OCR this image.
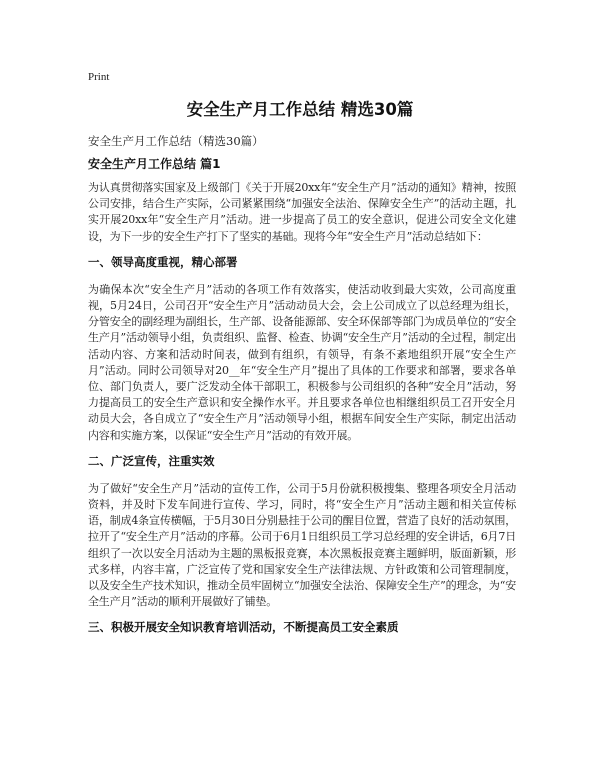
Print
安全生产月工作总结 精选30篇
安全生产月工作总结（精选30篇）
安全生产月工作总结 篇1

为认真贯彻落实国家及上级部门《关于开展20xx年“安全生产月”活动的通知》精神，按照公司安排，结合生产实际，公司紧紧围绕“加强安全法治、保障安全生产”的活动主题，扎实开展20xx年“安全生产月”活动。进一步提高了员工的安全意识，促进公司安全文化建设，为下一步的安全生产打下了坚实的基础。现将今年“安全生产月”活动总结如下：

一、领导高度重视，精心部署

为确保本次“安全生产月”活动的各项工作有效落实，使活动收到最大实效，公司高度重视，5月24日，公司召开“安全生产月”活动动员大会，会上公司成立了以总经理为组长，分管安全的副经理为副组长，生产部、设备能源部、安全环保部等部门为成员单位的“安全生产月”活动领导小组，负责组织、监督、检查、协调“安全生产月”活动的全过程，制定出活动内容、方案和活动时间表，做到有组织，有领导，有条不紊地组织开展“安全生产月”活动。同时公司领导对20__年“安全生产月”提出了具体的工作要求和部署，要求各单位、部门负责人，要广泛发动全体干部职工，积极参与公司组织的各种“安全月”活动，努力提高员工的安全生产意识和安全操作水平。并且要求各单位也相继组织员工召开安全月动员大会，各自成立了“安全生产月”活动领导小组，根据车间安全生产实际，制定出活动内容和实施方案，以保证“安全生产月”活动的有效开展。

二、广泛宣传，注重实效

为了做好“安全生产月”活动的宣传工作，公司于5月份就积极搜集、整理各项安全月活动资料，并及时下发车间进行宣传、学习，同时，将“安全生产月”活动主题和相关宣传标语，制成4条宣传横幅，于5月30日分别悬挂于公司的醒目位置，营造了良好的活动氛围，拉开了“安全生产月”活动的序幕。公司于6月1日组织员工学习总经理的安全讲话，6月7日组织了一次以安全月活动为主题的黑板报竞赛，本次黑板报竞赛主题鲜明，版面新颖，形式多样，内容丰富，广泛宣传了党和国家安全生产法律法规、方针政策和公司管理制度，以及安全生产技术知识，推动全员牢固树立“加强安全法治、保障安全生产”的理念，为“安全生产月”活动的顺利开展做好了铺垫。

三、积极开展安全知识教育培训活动，不断提高员工安全素质
